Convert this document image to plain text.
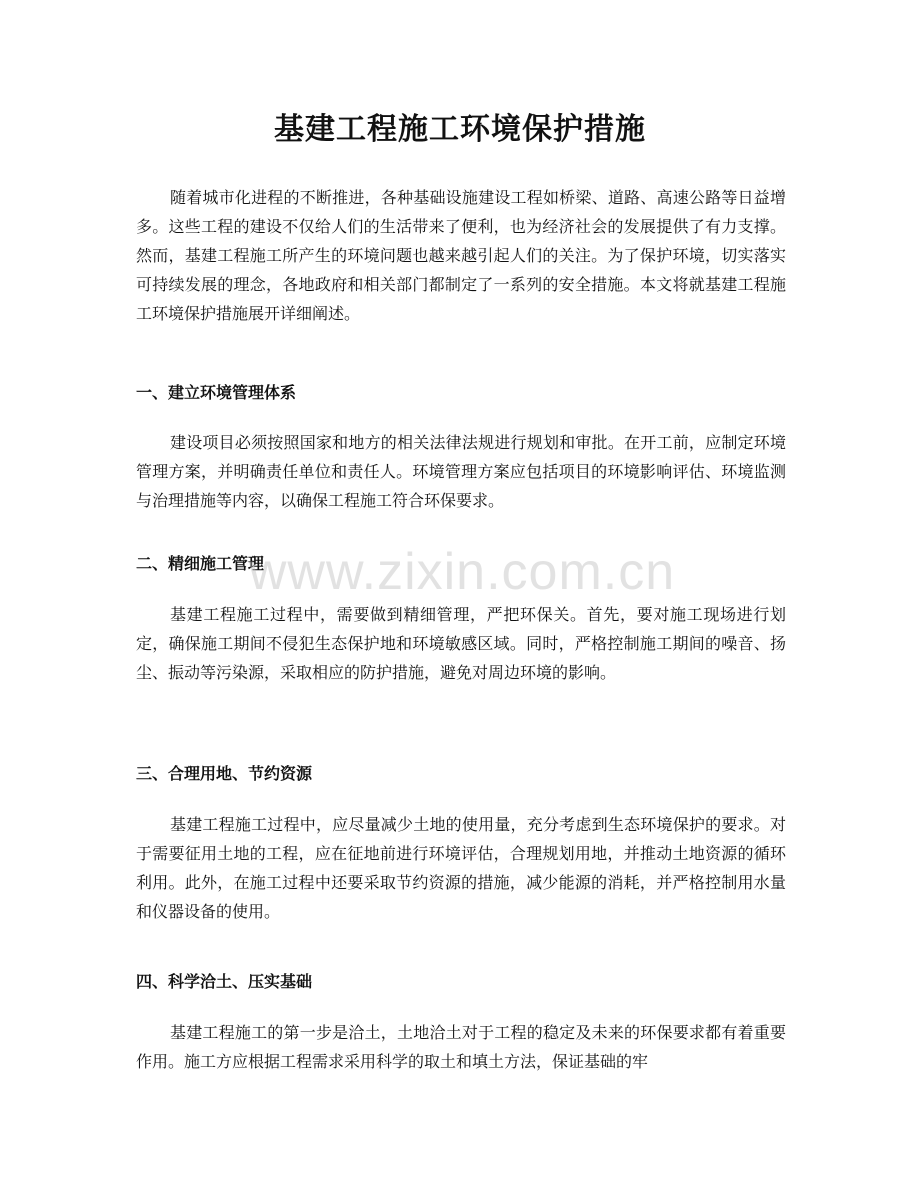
基建工程施工环境保护措施
随着城市化进程的不断推进，各种基础设施建设工程如桥梁、道路、高速公路等日益增多。这些工程的建设不仅给人们的生活带来了便利，也为经济社会的发展提供了有力支撑。然而，基建工程施工所产生的环境问题也越来越引起人们的关注。为了保护环境，切实落实可持续发展的理念，各地政府和相关部门都制定了一系列的安全措施。本文将就基建工程施工环境保护措施展开详细阐述。
一、建立环境管理体系
建设项目必须按照国家和地方的相关法律法规进行规划和审批。在开工前，应制定环境管理方案，并明确责任单位和责任人。环境管理方案应包括项目的环境影响评估、环境监测与治理措施等内容，以确保工程施工符合环保要求。
二、精细施工管理
基建工程施工过程中，需要做到精细管理，严把环保关。首先，要对施工现场进行划定，确保施工期间不侵犯生态保护地和环境敏感区域。同时，严格控制施工期间的噪音、扬尘、振动等污染源，采取相应的防护措施，避免对周边环境的影响。
三、合理用地、节约资源
基建工程施工过程中，应尽量减少土地的使用量，充分考虑到生态环境保护的要求。对于需要征用土地的工程，应在征地前进行环境评估，合理规划用地，并推动土地资源的循环利用。此外，在施工过程中还要采取节约资源的措施，减少能源的消耗，并严格控制用水量和仪器设备的使用。
四、科学洽土、压实基础
基建工程施工的第一步是洽土，土地洽土对于工程的稳定及未来的环保要求都有着重要作用。施工方应根据工程需求采用科学的取土和填土方法，保证基础的牢
www.zixin.com.cn
